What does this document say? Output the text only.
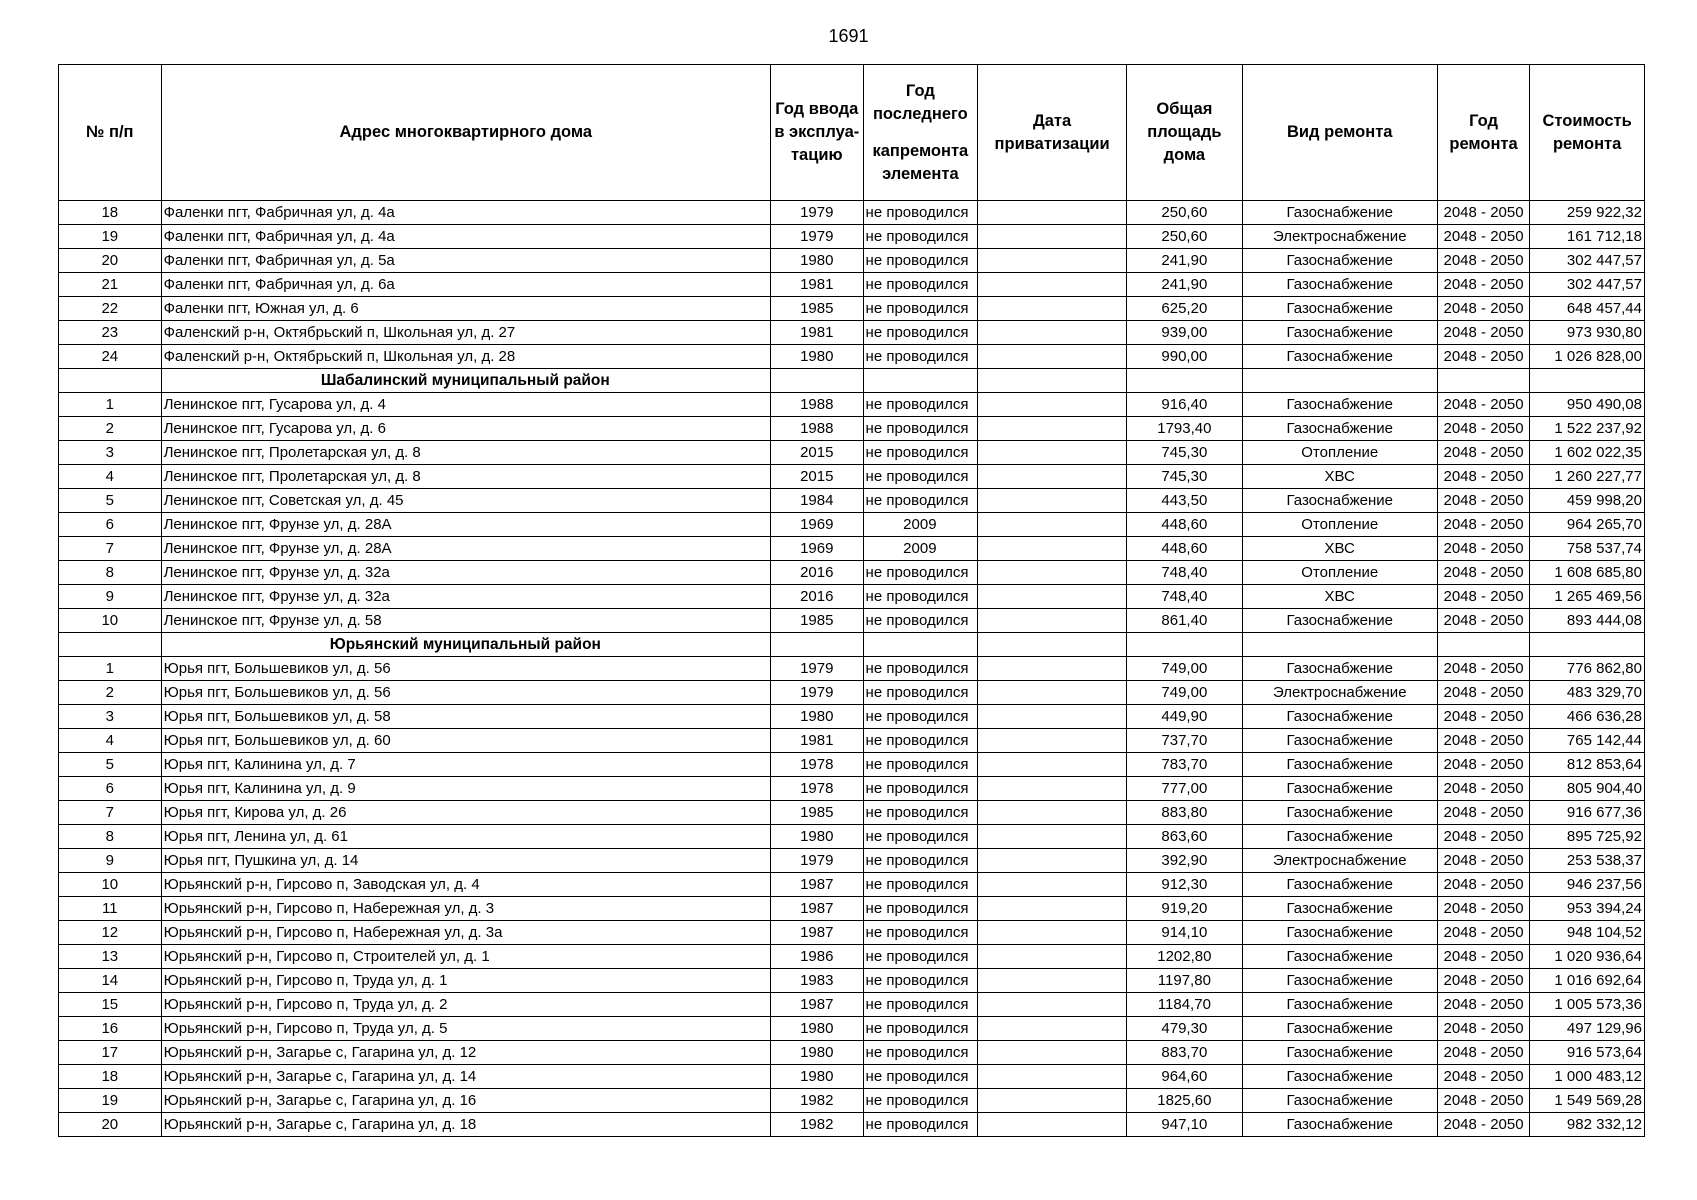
1691
№ п/п	Адрес многоквартирного дома	Год ввода в эксплуа-тацию	Год последнего
капремонта элемента	Дата приватизации	Общая площадь дома	Вид ремонта	Год ремонта	Стоимость ремонта
18	Фаленки пгт, Фабричная ул, д. 4а	1979	не проводился		250,60	Газоснабжение	2048 - 2050	259 922,32
19	Фаленки пгт, Фабричная ул, д. 4а	1979	не проводился		250,60	Электроснабжение	2048 - 2050	161 712,18
20	Фаленки пгт, Фабричная ул, д. 5а	1980	не проводился		241,90	Газоснабжение	2048 - 2050	302 447,57
21	Фаленки пгт, Фабричная ул, д. 6а	1981	не проводился		241,90	Газоснабжение	2048 - 2050	302 447,57
22	Фаленки пгт, Южная ул, д. 6	1985	не проводился		625,20	Газоснабжение	2048 - 2050	648 457,44
23	Фаленский р-н, Октябрьский п, Школьная ул, д. 27	1981	не проводился		939,00	Газоснабжение	2048 - 2050	973 930,80
24	Фаленский р-н, Октябрьский п, Школьная ул, д. 28	1980	не проводился		990,00	Газоснабжение	2048 - 2050	1 026 828,00
	Шабалинский муниципальный район							
1	Ленинское пгт, Гусарова ул, д. 4	1988	не проводился		916,40	Газоснабжение	2048 - 2050	950 490,08
2	Ленинское пгт, Гусарова ул, д. 6	1988	не проводился		1793,40	Газоснабжение	2048 - 2050	1 522 237,92
3	Ленинское пгт, Пролетарская ул, д. 8	2015	не проводился		745,30	Отопление	2048 - 2050	1 602 022,35
4	Ленинское пгт, Пролетарская ул, д. 8	2015	не проводился		745,30	ХВС	2048 - 2050	1 260 227,77
5	Ленинское пгт, Советская ул, д. 45	1984	не проводился		443,50	Газоснабжение	2048 - 2050	459 998,20
6	Ленинское пгт, Фрунзе ул, д. 28А	1969	2009		448,60	Отопление	2048 - 2050	964 265,70
7	Ленинское пгт, Фрунзе ул, д. 28А	1969	2009		448,60	ХВС	2048 - 2050	758 537,74
8	Ленинское пгт, Фрунзе ул, д. 32а	2016	не проводился		748,40	Отопление	2048 - 2050	1 608 685,80
9	Ленинское пгт, Фрунзе ул, д. 32а	2016	не проводился		748,40	ХВС	2048 - 2050	1 265 469,56
10	Ленинское пгт, Фрунзе ул, д. 58	1985	не проводился		861,40	Газоснабжение	2048 - 2050	893 444,08
	Юрьянский муниципальный район							
1	Юрья пгт, Большевиков ул, д. 56	1979	не проводился		749,00	Газоснабжение	2048 - 2050	776 862,80
2	Юрья пгт, Большевиков ул, д. 56	1979	не проводился		749,00	Электроснабжение	2048 - 2050	483 329,70
3	Юрья пгт, Большевиков ул, д. 58	1980	не проводился		449,90	Газоснабжение	2048 - 2050	466 636,28
4	Юрья пгт, Большевиков ул, д. 60	1981	не проводился		737,70	Газоснабжение	2048 - 2050	765 142,44
5	Юрья пгт, Калинина ул, д. 7	1978	не проводился		783,70	Газоснабжение	2048 - 2050	812 853,64
6	Юрья пгт, Калинина ул, д. 9	1978	не проводился		777,00	Газоснабжение	2048 - 2050	805 904,40
7	Юрья пгт, Кирова ул, д. 26	1985	не проводился		883,80	Газоснабжение	2048 - 2050	916 677,36
8	Юрья пгт, Ленина ул, д. 61	1980	не проводился		863,60	Газоснабжение	2048 - 2050	895 725,92
9	Юрья пгт, Пушкина ул, д. 14	1979	не проводился		392,90	Электроснабжение	2048 - 2050	253 538,37
10	Юрьянский р-н, Гирсово п, Заводская ул, д. 4	1987	не проводился		912,30	Газоснабжение	2048 - 2050	946 237,56
11	Юрьянский р-н, Гирсово п, Набережная ул, д. 3	1987	не проводился		919,20	Газоснабжение	2048 - 2050	953 394,24
12	Юрьянский р-н, Гирсово п, Набережная ул, д. 3а	1987	не проводился		914,10	Газоснабжение	2048 - 2050	948 104,52
13	Юрьянский р-н, Гирсово п, Строителей ул, д. 1	1986	не проводился		1202,80	Газоснабжение	2048 - 2050	1 020 936,64
14	Юрьянский р-н, Гирсово п, Труда ул, д. 1	1983	не проводился		1197,80	Газоснабжение	2048 - 2050	1 016 692,64
15	Юрьянский р-н, Гирсово п, Труда ул, д. 2	1987	не проводился		1184,70	Газоснабжение	2048 - 2050	1 005 573,36
16	Юрьянский р-н, Гирсово п, Труда ул, д. 5	1980	не проводился		479,30	Газоснабжение	2048 - 2050	497 129,96
17	Юрьянский р-н, Загарье с, Гагарина ул, д. 12	1980	не проводился		883,70	Газоснабжение	2048 - 2050	916 573,64
18	Юрьянский р-н, Загарье с, Гагарина ул, д. 14	1980	не проводился		964,60	Газоснабжение	2048 - 2050	1 000 483,12
19	Юрьянский р-н, Загарье с, Гагарина ул, д. 16	1982	не проводился		1825,60	Газоснабжение	2048 - 2050	1 549 569,28
20	Юрьянский р-н, Загарье с, Гагарина ул, д. 18	1982	не проводился		947,10	Газоснабжение	2048 - 2050	982 332,12
